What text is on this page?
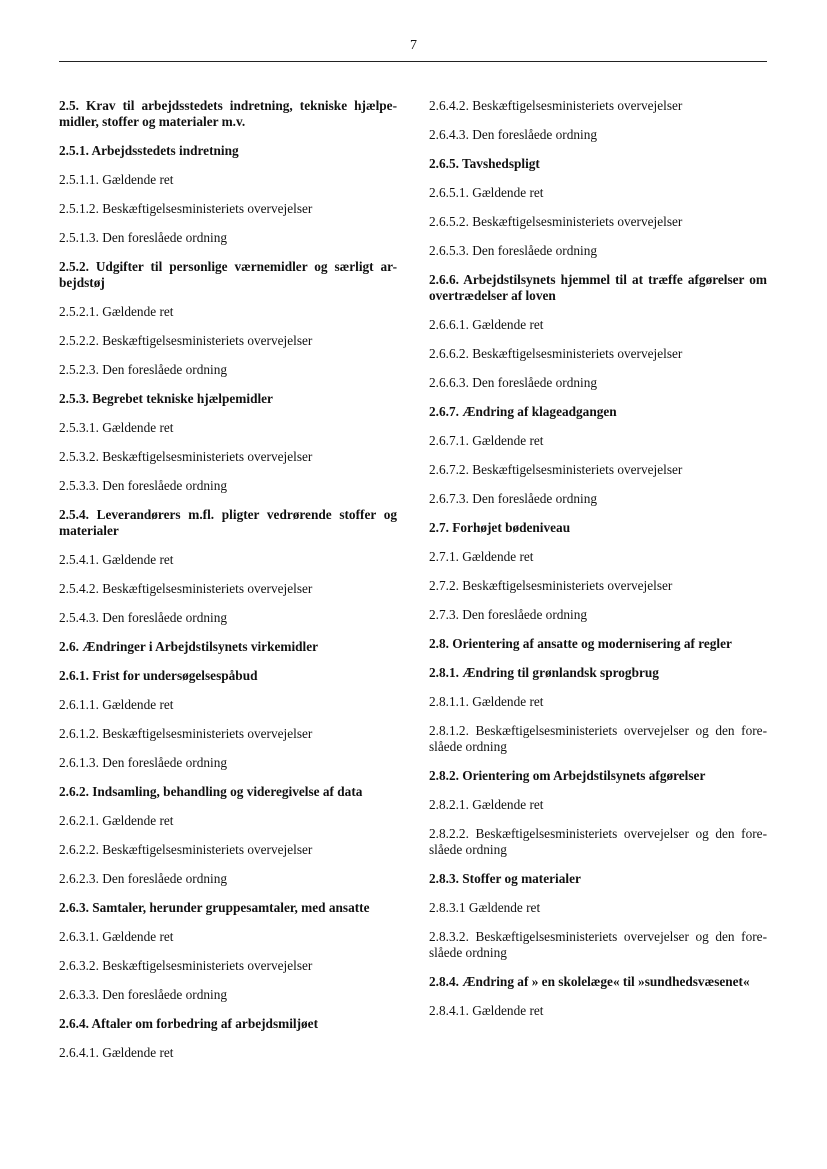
7

2.5. Krav til arbejdsstedets indretning, tekniske hjælpe-midler, stoffer og materialer m.v.

2.5.1. Arbejdsstedets indretning

2.5.1.1. Gældende ret

2.5.1.2. Beskæftigelsesministeriets overvejelser

2.5.1.3. Den foreslåede ordning

2.5.2. Udgifter til personlige værnemidler og særligt ar-bejdstøj

2.5.2.1. Gældende ret

2.5.2.2. Beskæftigelsesministeriets overvejelser

2.5.2.3. Den foreslåede ordning

2.5.3. Begrebet tekniske hjælpemidler

2.5.3.1. Gældende ret

2.5.3.2. Beskæftigelsesministeriets overvejelser

2.5.3.3. Den foreslåede ordning

2.5.4. Leverandørers m.fl. pligter vedrørende stoffer og materialer

2.5.4.1. Gældende ret

2.5.4.2. Beskæftigelsesministeriets overvejelser

2.5.4.3. Den foreslåede ordning

2.6. Ændringer i Arbejdstilsynets virkemidler

2.6.1. Frist for undersøgelsespåbud

2.6.1.1. Gældende ret

2.6.1.2. Beskæftigelsesministeriets overvejelser

2.6.1.3. Den foreslåede ordning

2.6.2. Indsamling, behandling og videregivelse af data

2.6.2.1. Gældende ret

2.6.2.2. Beskæftigelsesministeriets overvejelser

2.6.2.3. Den foreslåede ordning

2.6.3. Samtaler, herunder gruppesamtaler, med ansatte

2.6.3.1. Gældende ret

2.6.3.2. Beskæftigelsesministeriets overvejelser

2.6.3.3. Den foreslåede ordning

2.6.4. Aftaler om forbedring af arbejdsmiljøet

2.6.4.1. Gældende ret

2.6.4.2. Beskæftigelsesministeriets overvejelser

2.6.4.3. Den foreslåede ordning

2.6.5. Tavshedspligt

2.6.5.1. Gældende ret

2.6.5.2. Beskæftigelsesministeriets overvejelser

2.6.5.3. Den foreslåede ordning

2.6.6. Arbejdstilsynets hjemmel til at træffe afgørelser om overtrædelser af loven

2.6.6.1. Gældende ret

2.6.6.2. Beskæftigelsesministeriets overvejelser

2.6.6.3. Den foreslåede ordning

2.6.7. Ændring af klageadgangen

2.6.7.1. Gældende ret

2.6.7.2. Beskæftigelsesministeriets overvejelser

2.6.7.3. Den foreslåede ordning

2.7. Forhøjet bødeniveau

2.7.1. Gældende ret

2.7.2. Beskæftigelsesministeriets overvejelser

2.7.3. Den foreslåede ordning

2.8. Orientering af ansatte og modernisering af regler

2.8.1. Ændring til grønlandsk sprogbrug

2.8.1.1. Gældende ret

2.8.1.2. Beskæftigelsesministeriets overvejelser og den fore-slåede ordning

2.8.2. Orientering om Arbejdstilsynets afgørelser

2.8.2.1. Gældende ret

2.8.2.2. Beskæftigelsesministeriets overvejelser og den fore-slåede ordning

2.8.3. Stoffer og materialer

2.8.3.1 Gældende ret

2.8.3.2. Beskæftigelsesministeriets overvejelser og den fore-slåede ordning

2.8.4. Ændring af » en skolelæge« til »sundhedsvæsenet«

2.8.4.1. Gældende ret
